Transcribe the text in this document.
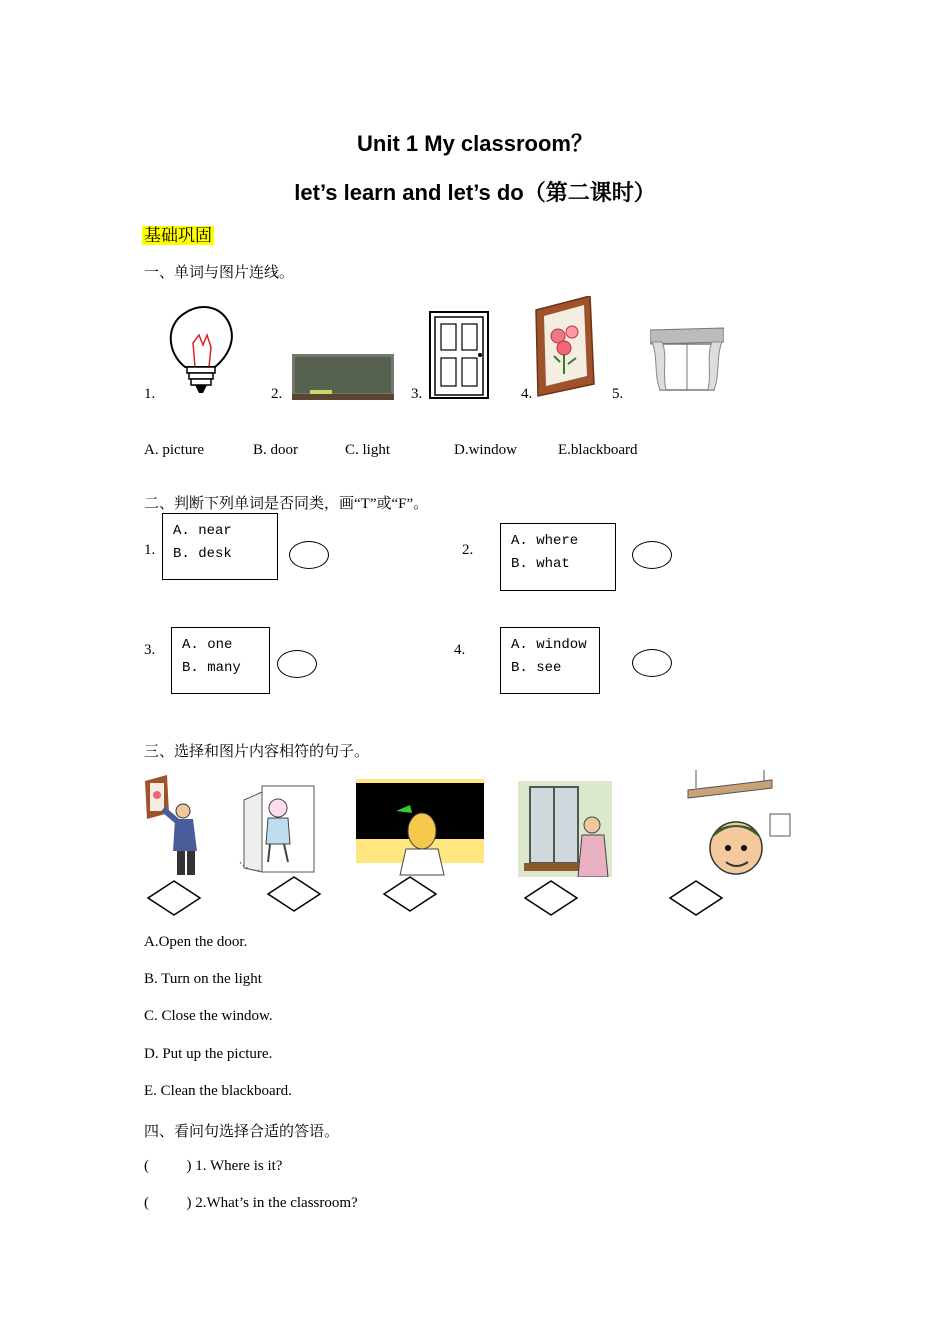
Unit 1 My classroom？
let’s learn and let’s do（第二课时）
基础巩固
一、单词与图片连线。
1.	2.	3.	4.	5.
A. picture	B. door	C. light	D.window	E.blackboard
二、判断下列单词是否同类，画“T”或“F”。
1.
A. near
B. desk	2.
A. where
B. what
3. A. one
B. many
4.	A. window
B. see
三、选择和图片内容相符的句子。
A.Open the door.
B. Turn on the light
C. Close the window.
D. Put up the picture.
E. Clean the blackboard.
四、看问句选择合适的答语。
(          ) 1. Where is it?
(          ) 2.What’s in the classroom?
